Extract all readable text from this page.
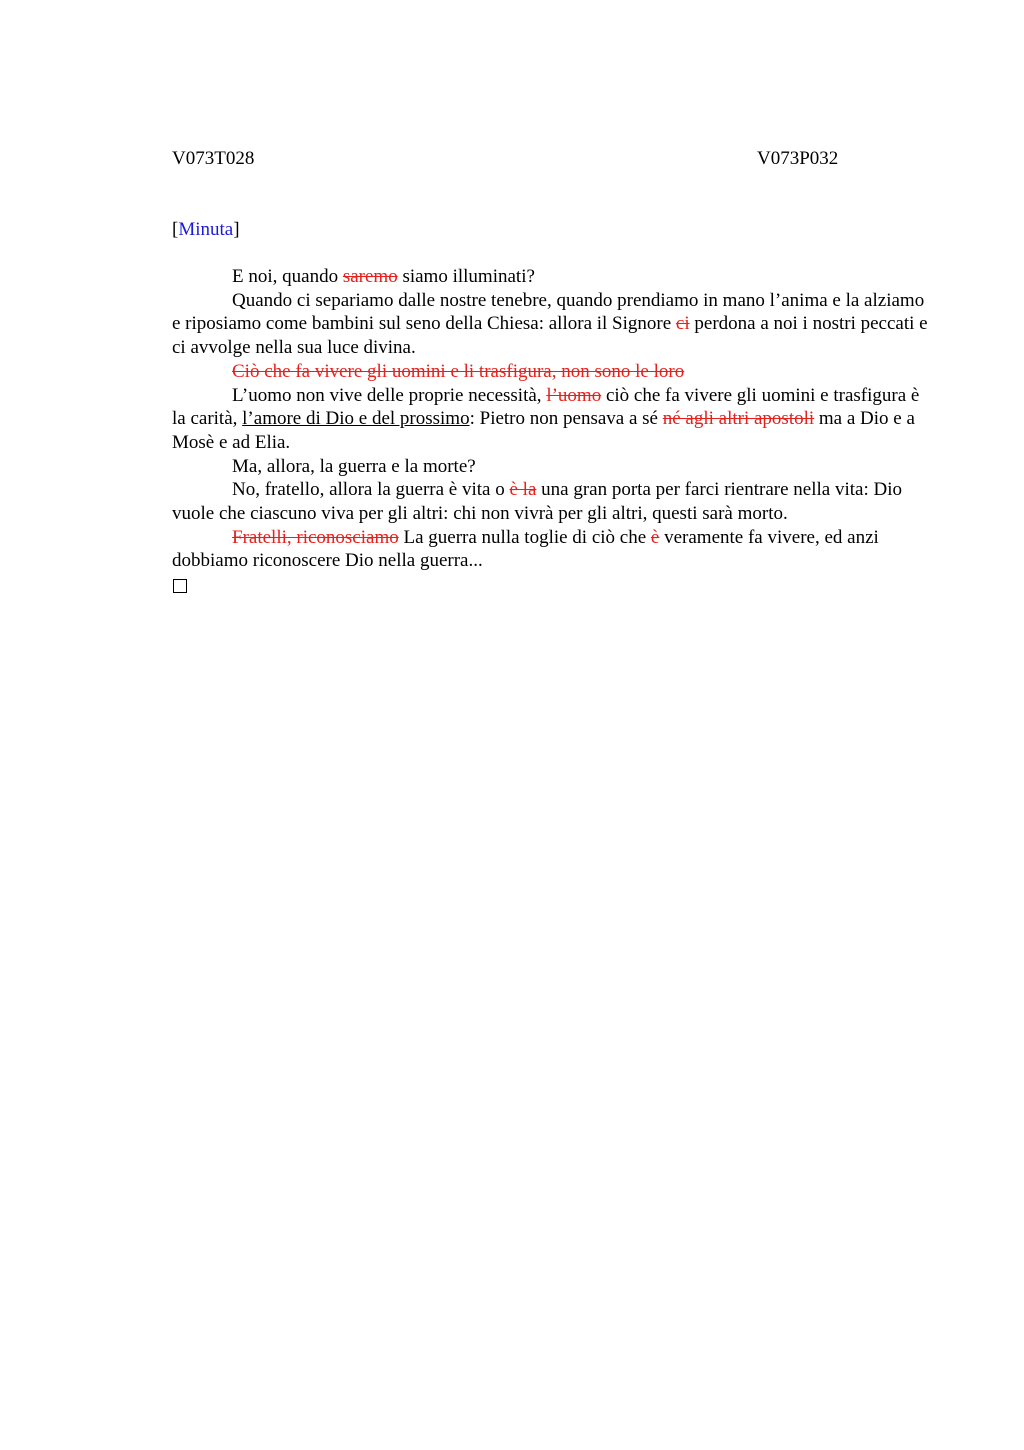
V073T028	V073P032
[Minuta]

E noi, quando saremo siamo illuminati?

Quando ci separiamo dalle nostre tenebre, quando prendiamo in mano l’anima e la alziamo e riposiamo come bambini sul seno della Chiesa: allora il Signore ci perdona a noi i nostri peccati e ci avvolge nella sua luce divina.

Ciò che fa vivere gli uomini e li trasfigura, non sono le loro

L’uomo non vive delle proprie necessità, l’uomo ciò che fa vivere gli uomini e trasfigura è la carità, l’amore di Dio e del prossimo: Pietro non pensava a sé né agli altri apostoli ma a Dio e a Mosè e ad Elia.

Ma, allora, la guerra e la morte?

No, fratello, allora la guerra è vita o è la una gran porta per farci rientrare nella vita: Dio vuole che ciascuno viva per gli altri: chi non vivrà per gli altri, questi sarà morto.

Fratelli, riconosciamo La guerra nulla toglie di ciò che è veramente fa vivere, ed anzi dobbiamo riconoscere Dio nella guerra...
